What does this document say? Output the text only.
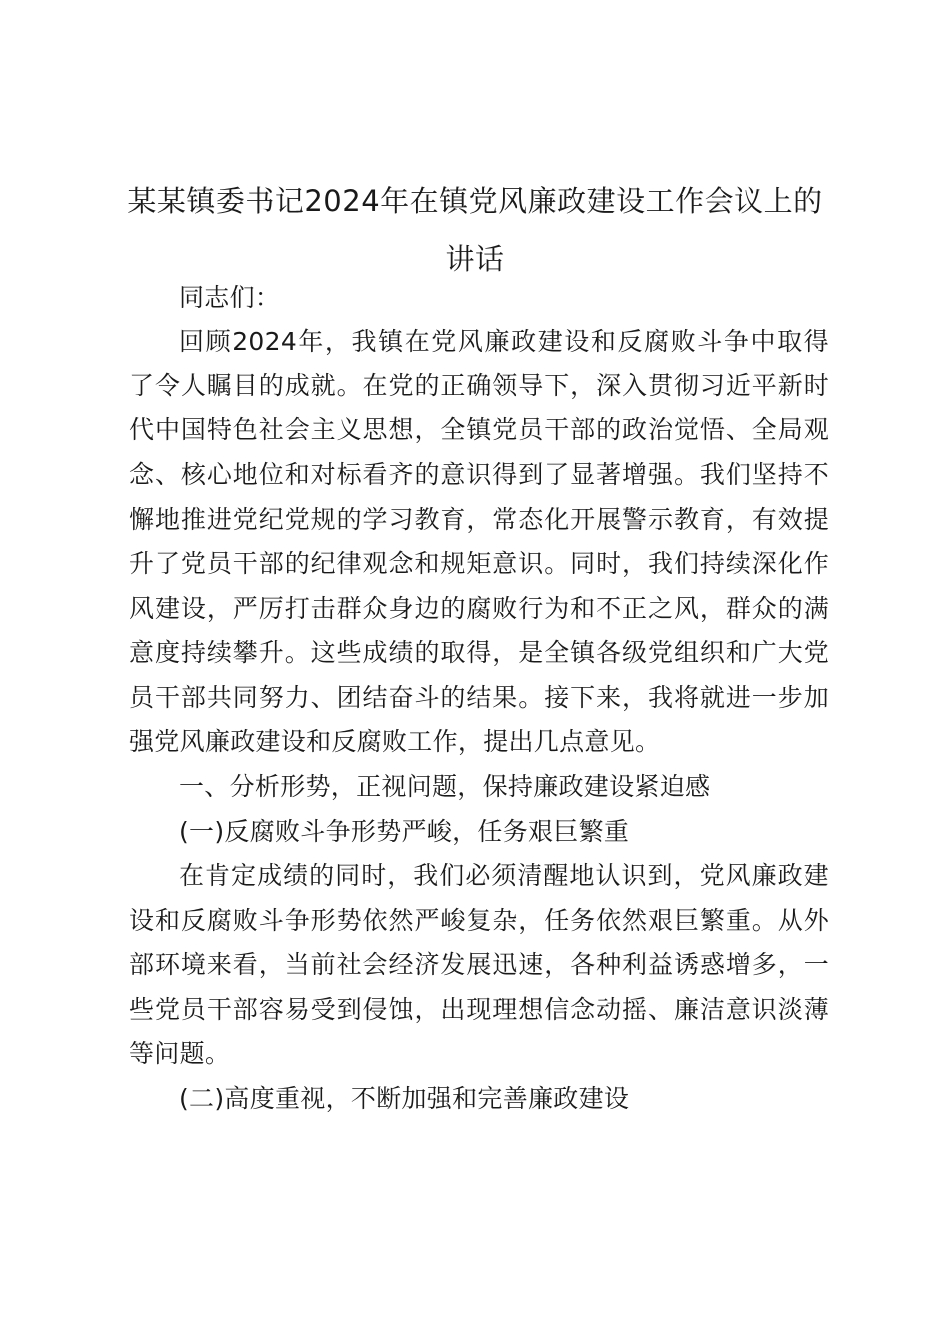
某某镇委书记2024年在镇党风廉政建设工作会议上的
讲话
同志们：
回顾2024年，我镇在党风廉政建设和反腐败斗争中取得
了令人瞩目的成就。在党的正确领导下，深入贯彻习近平新时
代中国特色社会主义思想，全镇党员干部的政治觉悟、全局观
念、核心地位和对标看齐的意识得到了显著增强。我们坚持不
懈地推进党纪党规的学习教育，常态化开展警示教育，有效提
升了党员干部的纪律观念和规矩意识。同时，我们持续深化作
风建设，严厉打击群众身边的腐败行为和不正之风，群众的满
意度持续攀升。这些成绩的取得，是全镇各级党组织和广大党
员干部共同努力、团结奋斗的结果。接下来，我将就进一步加
强党风廉政建设和反腐败工作，提出几点意见。
一、分析形势，正视问题，保持廉政建设紧迫感
(一)反腐败斗争形势严峻，任务艰巨繁重
在肯定成绩的同时，我们必须清醒地认识到，党风廉政建
设和反腐败斗争形势依然严峻复杂，任务依然艰巨繁重。从外
部环境来看，当前社会经济发展迅速，各种利益诱惑增多，一
些党员干部容易受到侵蚀，出现理想信念动摇、廉洁意识淡薄
等问题。
(二)高度重视，不断加强和完善廉政建设
